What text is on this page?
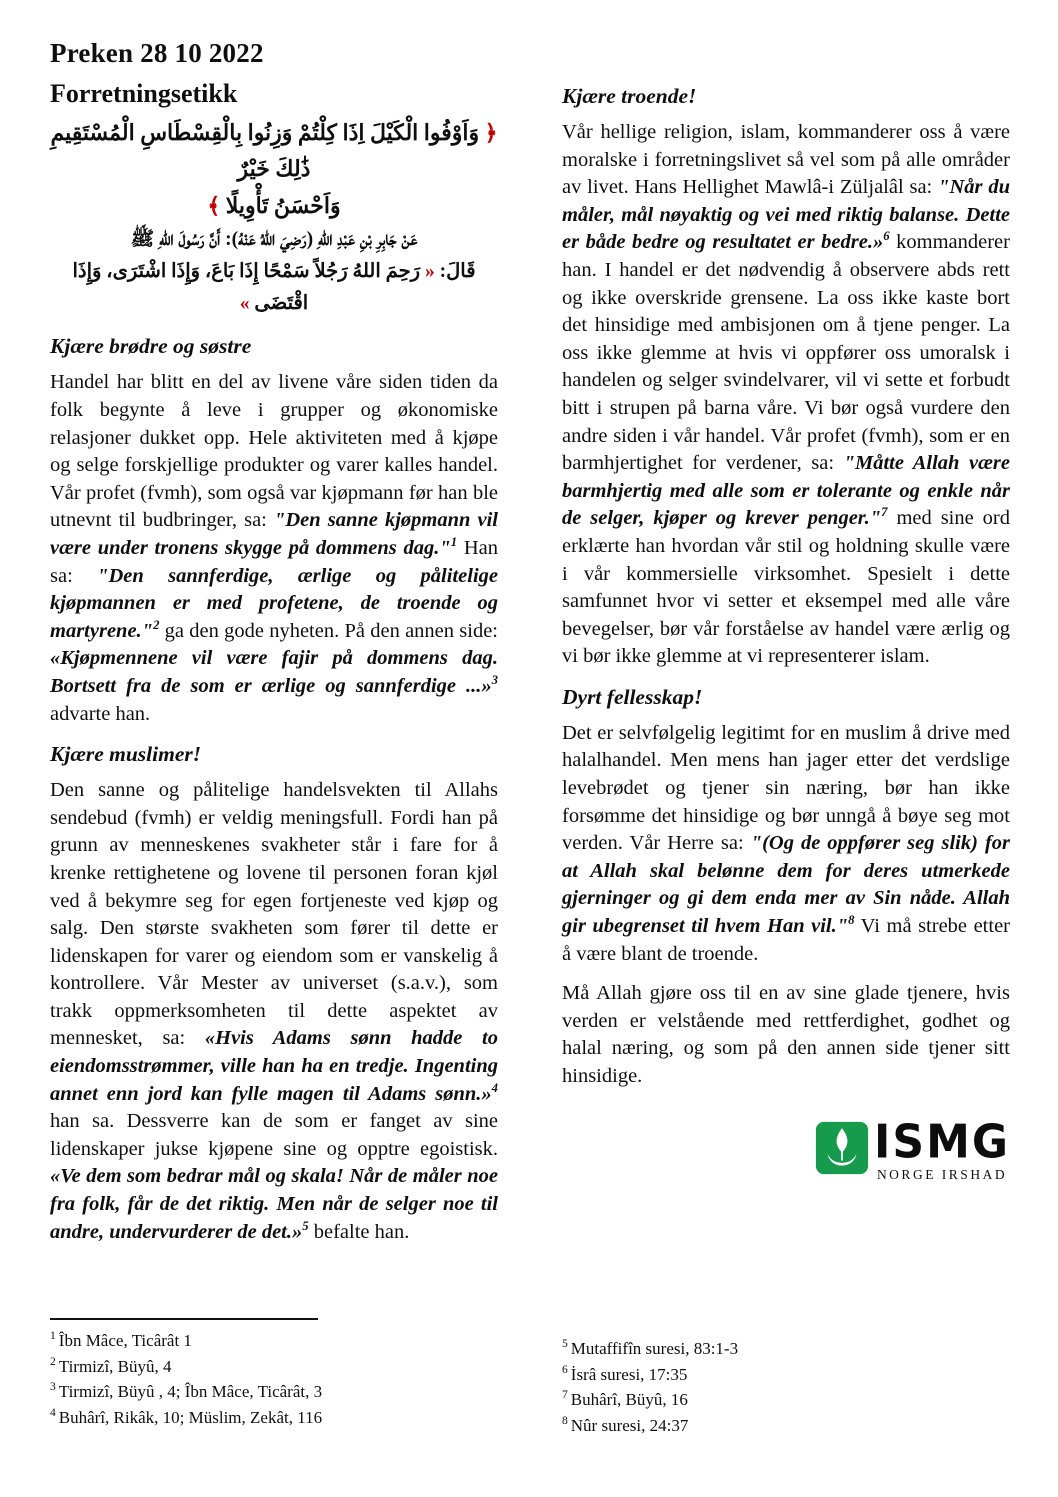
Preken 28 10 2022
Forretningsetikk
﴿ وَاَوْفُوا الْكَيْلَ اِذَا كِلْتُمْ وَزِنُوا بِالْقِسْطَاسِ الْمُسْتَقِيمِ ذَٰلِكَ خَيْرٌ
وَاَحْسَنُ تَأْوِيلًا ﴾
عَنْ جَابِرِ بْنِ عَبْدِ اللهِ (رَضِيَ اللهُ عَنْهُ): أَنَّ رَسُولَ اللهِ ﷺ
قَالَ: « رَحِمَ اللهُ رَجُلاً سَمْحًا إِذَا بَاعَ، وَإِذَا اشْتَرَى، وَإِذَا اقْتَضَى »
Kjære brødre og søstre

Handel har blitt en del av livene våre siden tiden da folk begynte å leve i grupper og økonomiske relasjoner dukket opp. Hele aktiviteten med å kjøpe og selge forskjellige produkter og varer kalles handel. Vår profet (fvmh), som også var kjøpmann før han ble utnevnt til budbringer, sa: "Den sanne kjøpmann vil være under tronens skygge på dommens dag."$^1$ Han sa: "Den sannferdige, ærlige og pålitelige kjøpmannen er med profetene, de troende og martyrene."$^2$ ga den gode nyheten. På den annen side: «Kjøpmennene vil være fajir på dommens dag. Bortsett fra de som er ærlige og sannferdige ...»$^3$ advarte han.

Kjære muslimer!

Den sanne og pålitelige handelsvekten til Allahs sendebud (fvmh) er veldig meningsfull. Fordi han på grunn av menneskenes svakheter står i fare for å krenke rettighetene og lovene til personen foran kjøl ved å bekymre seg for egen fortjeneste ved kjøp og salg. Den største svakheten som fører til dette er lidenskapen for varer og eiendom som er vanskelig å kontrollere. Vår Mester av universet (s.a.v.), som trakk oppmerksomheten til dette aspektet av mennesket, sa: «Hvis Adams sønn hadde to eiendomsstrømmer, ville han ha en tredje. Ingenting annet enn jord kan fylle magen til Adams sønn.»$^4$ han sa. Dessverre kan de som er fanget av sine lidenskaper jukse kjøpene sine og opptre egoistisk. «Ve dem som bedrar mål og skala! Når de måler noe fra folk, får de det riktig. Men når de selger noe til andre, undervurderer de det.»$^5$ befalte han.

Kjære troende!

Vår hellige religion, islam, kommanderer oss å være moralske i forretningslivet så vel som på alle områder av livet. Hans Hellighet Mawlâ-i Züljalâl sa: "Når du måler, mål nøyaktig og vei med riktig balanse. Dette er både bedre og resultatet er bedre.»$^6$ kommanderer han. I handel er det nødvendig å observere abds rett og ikke overskride grensene. La oss ikke kaste bort det hinsidige med ambisjonen om å tjene penger. La oss ikke glemme at hvis vi oppfører oss umoralsk i handelen og selger svindelvarer, vil vi sette et forbudt bitt i strupen på barna våre. Vi bør også vurdere den andre siden i vår handel. Vår profet (fvmh), som er en barmhjertighet for verdener, sa: "Måtte Allah være barmhjertig med alle som er tolerante og enkle når de selger, kjøper og krever penger."$^7$ med sine ord erklærte han hvordan vår stil og holdning skulle være i vår kommersielle virksomhet. Spesielt i dette samfunnet hvor vi setter et eksempel med alle våre bevegelser, bør vår forståelse av handel være ærlig og vi bør ikke glemme at vi representerer islam.

Dyrt fellesskap!

Det er selvfølgelig legitimt for en muslim å drive med halalhandel. Men mens han jager etter det verdslige levebrødet og tjener sin næring, bør han ikke forsømme det hinsidige og bør unngå å bøye seg mot verden. Vår Herre sa: "(Og de oppfører seg slik) for at Allah skal belønne dem for deres utmerkede gjerninger og gi dem enda mer av Sin nåde. Allah gir ubegrenset til hvem Han vil."$^8$ Vi må strebe etter å være blant de troende.

Må Allah gjøre oss til en av sine glade tjenere, hvis verden er velstående med rettferdighet, godhet og halal næring, og som på den annen side tjener sitt hinsidige.

ISMG
NORGE IRSHAD

$^1$ Îbn Mâce, Ticârât 1

$^2$ Tirmizî, Büyû, 4

$^3$ Tirmizî, Büyû , 4; Îbn Mâce, Ticârât, 3

$^4$ Buhârî, Rikâk, 10; Müslim, Zekât, 116

$^5$ Mutaffifîn suresi, 83:1-3

$^6$ İsrâ suresi, 17:35

$^7$ Buhârî, Büyû, 16

$^8$ Nûr suresi, 24:37
